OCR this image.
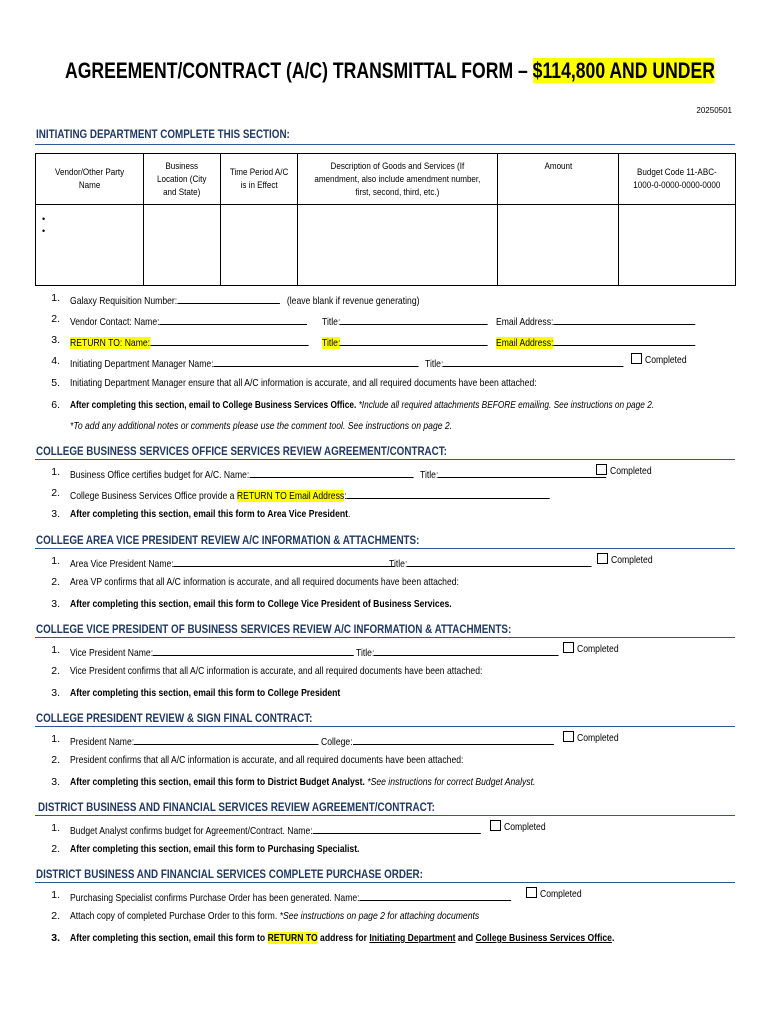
AGREEMENT/CONTRACT (A/C) TRANSMITTAL FORM – $114,800 AND UNDER
20250501
INITIATING DEPARTMENT COMPLETE THIS SECTION:
Vendor/Other Party Name	Business Location (City and State)	Time Period A/C is in Effect	Description of Goods and Services (If amendment, also include amendment number, first, second, third, etc.)	Amount	Budget Code 11-ABC-1000-0-0000-0000-0000

•
•					

1. Galaxy Requisition Number:	(leave blank if revenue generating)
2. Vendor Contact: Name:	Title:	Email Address:
3. RETURN TO: Name:	Title:	Email Address:
4. Initiating Department Manager Name:	Title:	Completed
5. Initiating Department Manager ensure that all A/C information is accurate, and all required documents have been attached:
6. After completing this section, email to College Business Services Office. *Include all required attachments BEFORE emailing. See instructions on page 2.
*To add any additional notes or comments please use the comment tool. See instructions on page 2.
COLLEGE BUSINESS SERVICES OFFICE SERVICES REVIEW AGREEMENT/CONTRACT:
1. Business Office certifies budget for A/C. Name:	Title:	Completed
2. College Business Services Office provide a RETURN TO Email Address:
3. After completing this section, email this form to Area Vice President.
COLLEGE AREA VICE PRESIDENT REVIEW A/C INFORMATION & ATTACHMENTS:
1. Area Vice President Name:	Title:	Completed
2. Area VP confirms that all A/C information is accurate, and all required documents have been attached:
3. After completing this section, email this form to College Vice President of Business Services.
COLLEGE VICE PRESIDENT OF BUSINESS SERVICES REVIEW A/C INFORMATION & ATTACHMENTS:
1. Vice President Name:	Title:	Completed
2. Vice President confirms that all A/C information is accurate, and all required documents have been attached:
3. After completing this section, email this form to College President
COLLEGE PRESIDENT REVIEW & SIGN FINAL CONTRACT:
1. President Name:	College:	Completed
2. President confirms that all A/C information is accurate, and all required documents have been attached:
3. After completing this section, email this form to District Budget Analyst. *See instructions for correct Budget Analyst.
DISTRICT BUSINESS AND FINANCIAL SERVICES REVIEW AGREEMENT/CONTRACT:
1. Budget Analyst confirms budget for Agreement/Contract. Name:	Completed
2. After completing this section, email this form to Purchasing Specialist.
DISTRICT BUSINESS AND FINANCIAL SERVICES COMPLETE PURCHASE ORDER:
1. Purchasing Specialist confirms Purchase Order has been generated. Name:	Completed
2. Attach copy of completed Purchase Order to this form. *See instructions on page 2 for attaching documents
3. After completing this section, email this form to RETURN TO address for Initiating Department and College Business Services Office.
